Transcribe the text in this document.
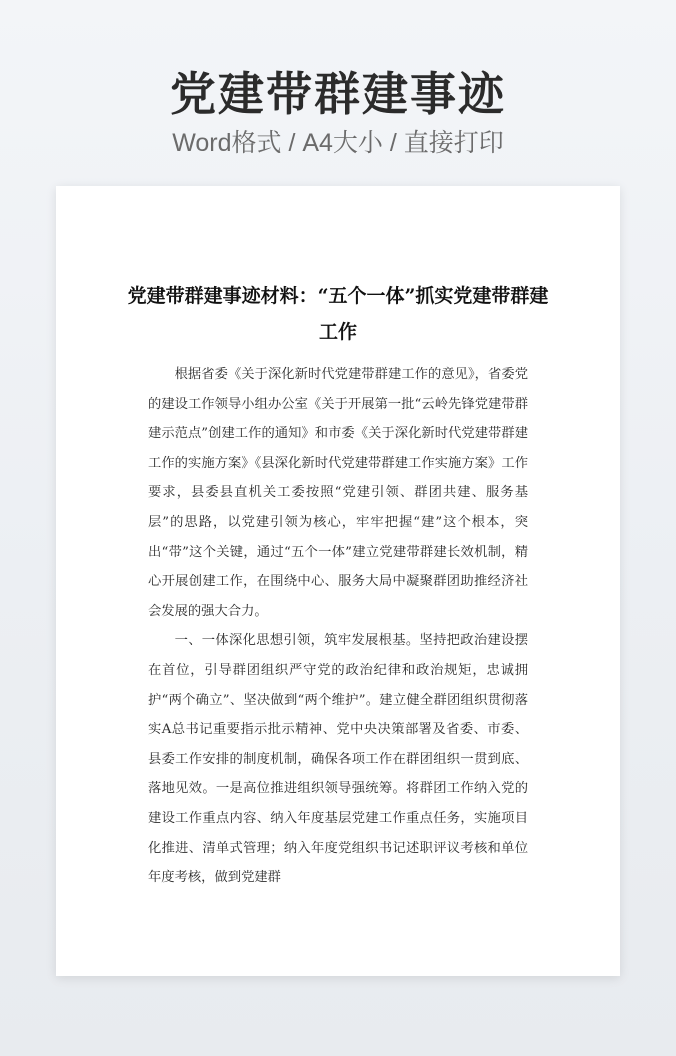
党建带群建事迹
Word格式 / A4大小 / 直接打印
党建带群建事迹材料：“五个一体”抓实党建带群建工作

根据省委《关于深化新时代党建带群建工作的意见》，省委党的建设工作领导小组办公室《关于开展第一批“云岭先锋党建带群建示范点”创建工作的通知》和市委《关于深化新时代党建带群建工作的实施方案》《县深化新时代党建带群建工作实施方案》工作要求，县委县直机关工委按照“党建引领、群团共建、服务基层”的思路，以党建引领为核心，牢牢把握“建”这个根本，突出“带”这个关键，通过“五个一体”建立党建带群建长效机制，精心开展创建工作，在围绕中心、服务大局中凝聚群团助推经济社会发展的强大合力。

一、一体深化思想引领，筑牢发展根基。坚持把政治建设摆在首位，引导群团组织严守党的政治纪律和政治规矩，忠诚拥护“两个确立”、坚决做到“两个维护”。建立健全群团组织贯彻落实A总书记重要指示批示精神、党中央决策部署及省委、市委、县委工作安排的制度机制，确保各项工作在群团组织一贯到底、落地见效。一是高位推进组织领导强统筹。将群团工作纳入党的建设工作重点内容、纳入年度基层党建工作重点任务，实施项目化推进、清单式管理；纳入年度党组织书记述职评议考核和单位年度考核，做到党建群
